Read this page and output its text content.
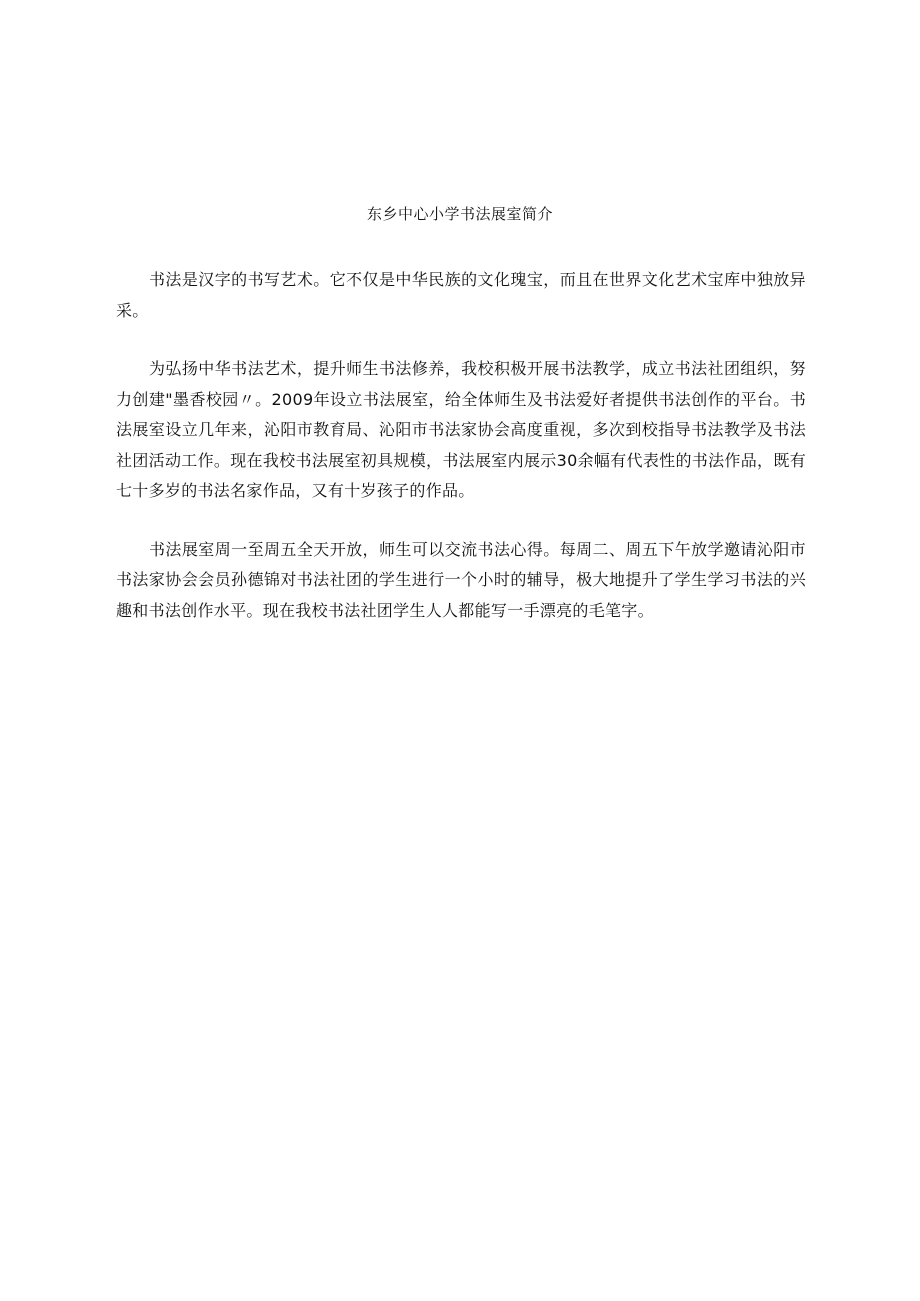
东乡中心小学书法展室简介

书法是汉字的书写艺术。它不仅是中华民族的文化瑰宝，而且在世界文化艺术宝库中独放异采。

为弘扬中华书法艺术，提升师生书法修养，我校积极开展书法教学，成立书法社团组织，努力创建"墨香校园〃。2009年设立书法展室，给全体师生及书法爱好者提供书法创作的平台。书法展室设立几年来，沁阳市教育局、沁阳市书法家协会高度重视，多次到校指导书法教学及书法社团活动工作。现在我校书法展室初具规模，书法展室内展示30余幅有代表性的书法作品，既有七十多岁的书法名家作品，又有十岁孩子的作品。

书法展室周一至周五全天开放，师生可以交流书法心得。每周二、周五下午放学邀请沁阳市书法家协会会员孙德锦对书法社团的学生进行一个小时的辅导，极大地提升了学生学习书法的兴趣和书法创作水平。现在我校书法社团学生人人都能写一手漂亮的毛笔字。
